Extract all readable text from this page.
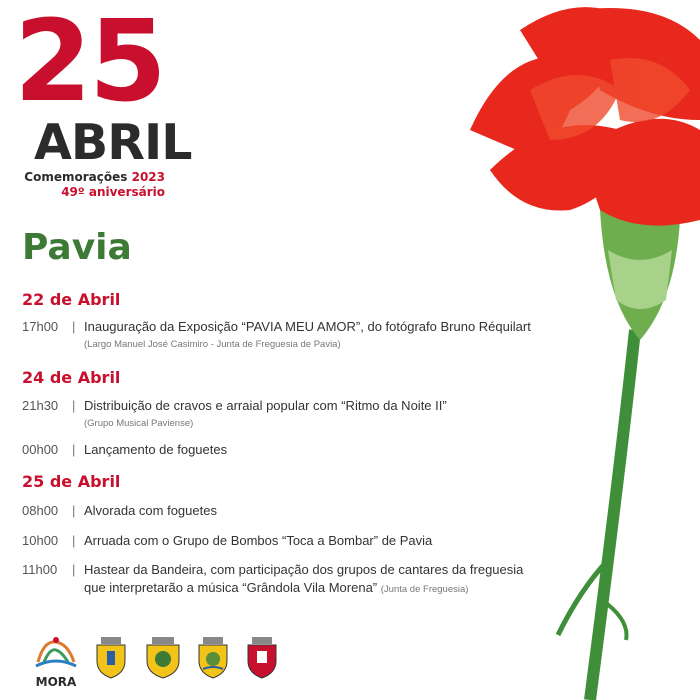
25
ABRIL
Comemorações 2023
49º aniversário
Pavia
22 de Abril
17h00	| Inauguração da Exposição “PAVIA MEU AMOR”, do fotógrafo Bruno Réquilart
(Largo Manuel José Casimiro - Junta de Freguesia de Pavia)
24 de Abril
21h30	| Distribuição de cravos e arraial popular com “Ritmo da Noite II”
(Grupo Musical Paviense)
00h00	| Lançamento de foguetes
25 de Abril
08h00	| Alvorada com foguetes
10h00	| Arruada com o Grupo de Bombos “Toca a Bombar” de Pavia
11h00	| Hastear da Bandeira, com participação dos grupos de cantares da freguesia
que interpretarão a música “Grândola Vila Morena” (Junta de Freguesia)
MORA
